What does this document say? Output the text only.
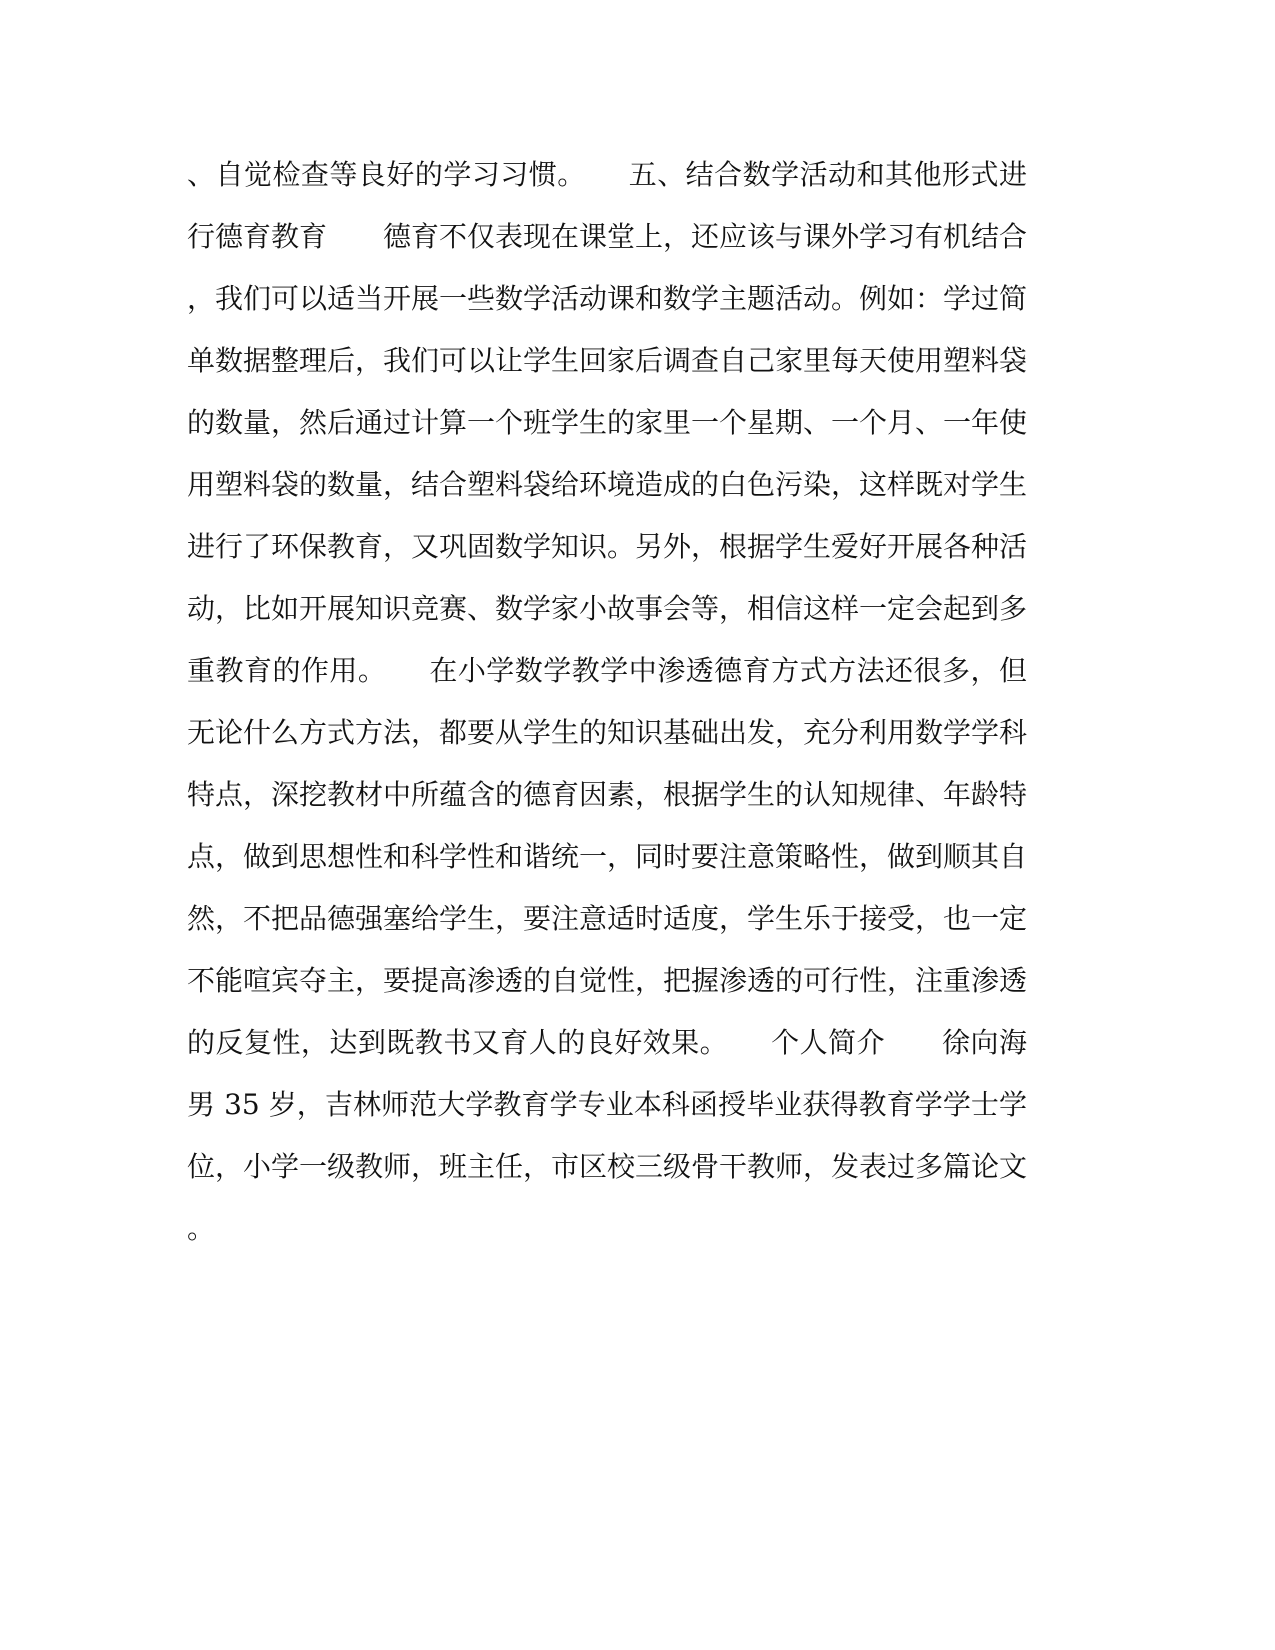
、自觉检查等良好的学习习惯。　　五、结合数学活动和其他形式进
行德育教育　　德育不仅表现在课堂上，还应该与课外学习有机结合
，我们可以适当开展一些数学活动课和数学主题活动。例如：学过简
单数据整理后，我们可以让学生回家后调查自己家里每天使用塑料袋
的数量，然后通过计算一个班学生的家里一个星期、一个月、一年使
用塑料袋的数量，结合塑料袋给环境造成的白色污染，这样既对学生
进行了环保教育，又巩固数学知识。另外，根据学生爱好开展各种活
动，比如开展知识竞赛、数学家小故事会等，相信这样一定会起到多
重教育的作用。　　在小学数学教学中渗透德育方式方法还很多，但
无论什么方式方法，都要从学生的知识基础出发，充分利用数学学科
特点，深挖教材中所蕴含的德育因素，根据学生的认知规律、年龄特
点，做到思想性和科学性和谐统一，同时要注意策略性，做到顺其自
然，不把品德强塞给学生，要注意适时适度，学生乐于接受，也一定
不能喧宾夺主，要提高渗透的自觉性，把握渗透的可行性，注重渗透
的反复性，达到既教书又育人的良好效果。　　个人简介　　徐向海
男 35 岁，吉林师范大学教育学专业本科函授毕业获得教育学学士学
位，小学一级教师，班主任，市区校三级骨干教师，发表过多篇论文
。
